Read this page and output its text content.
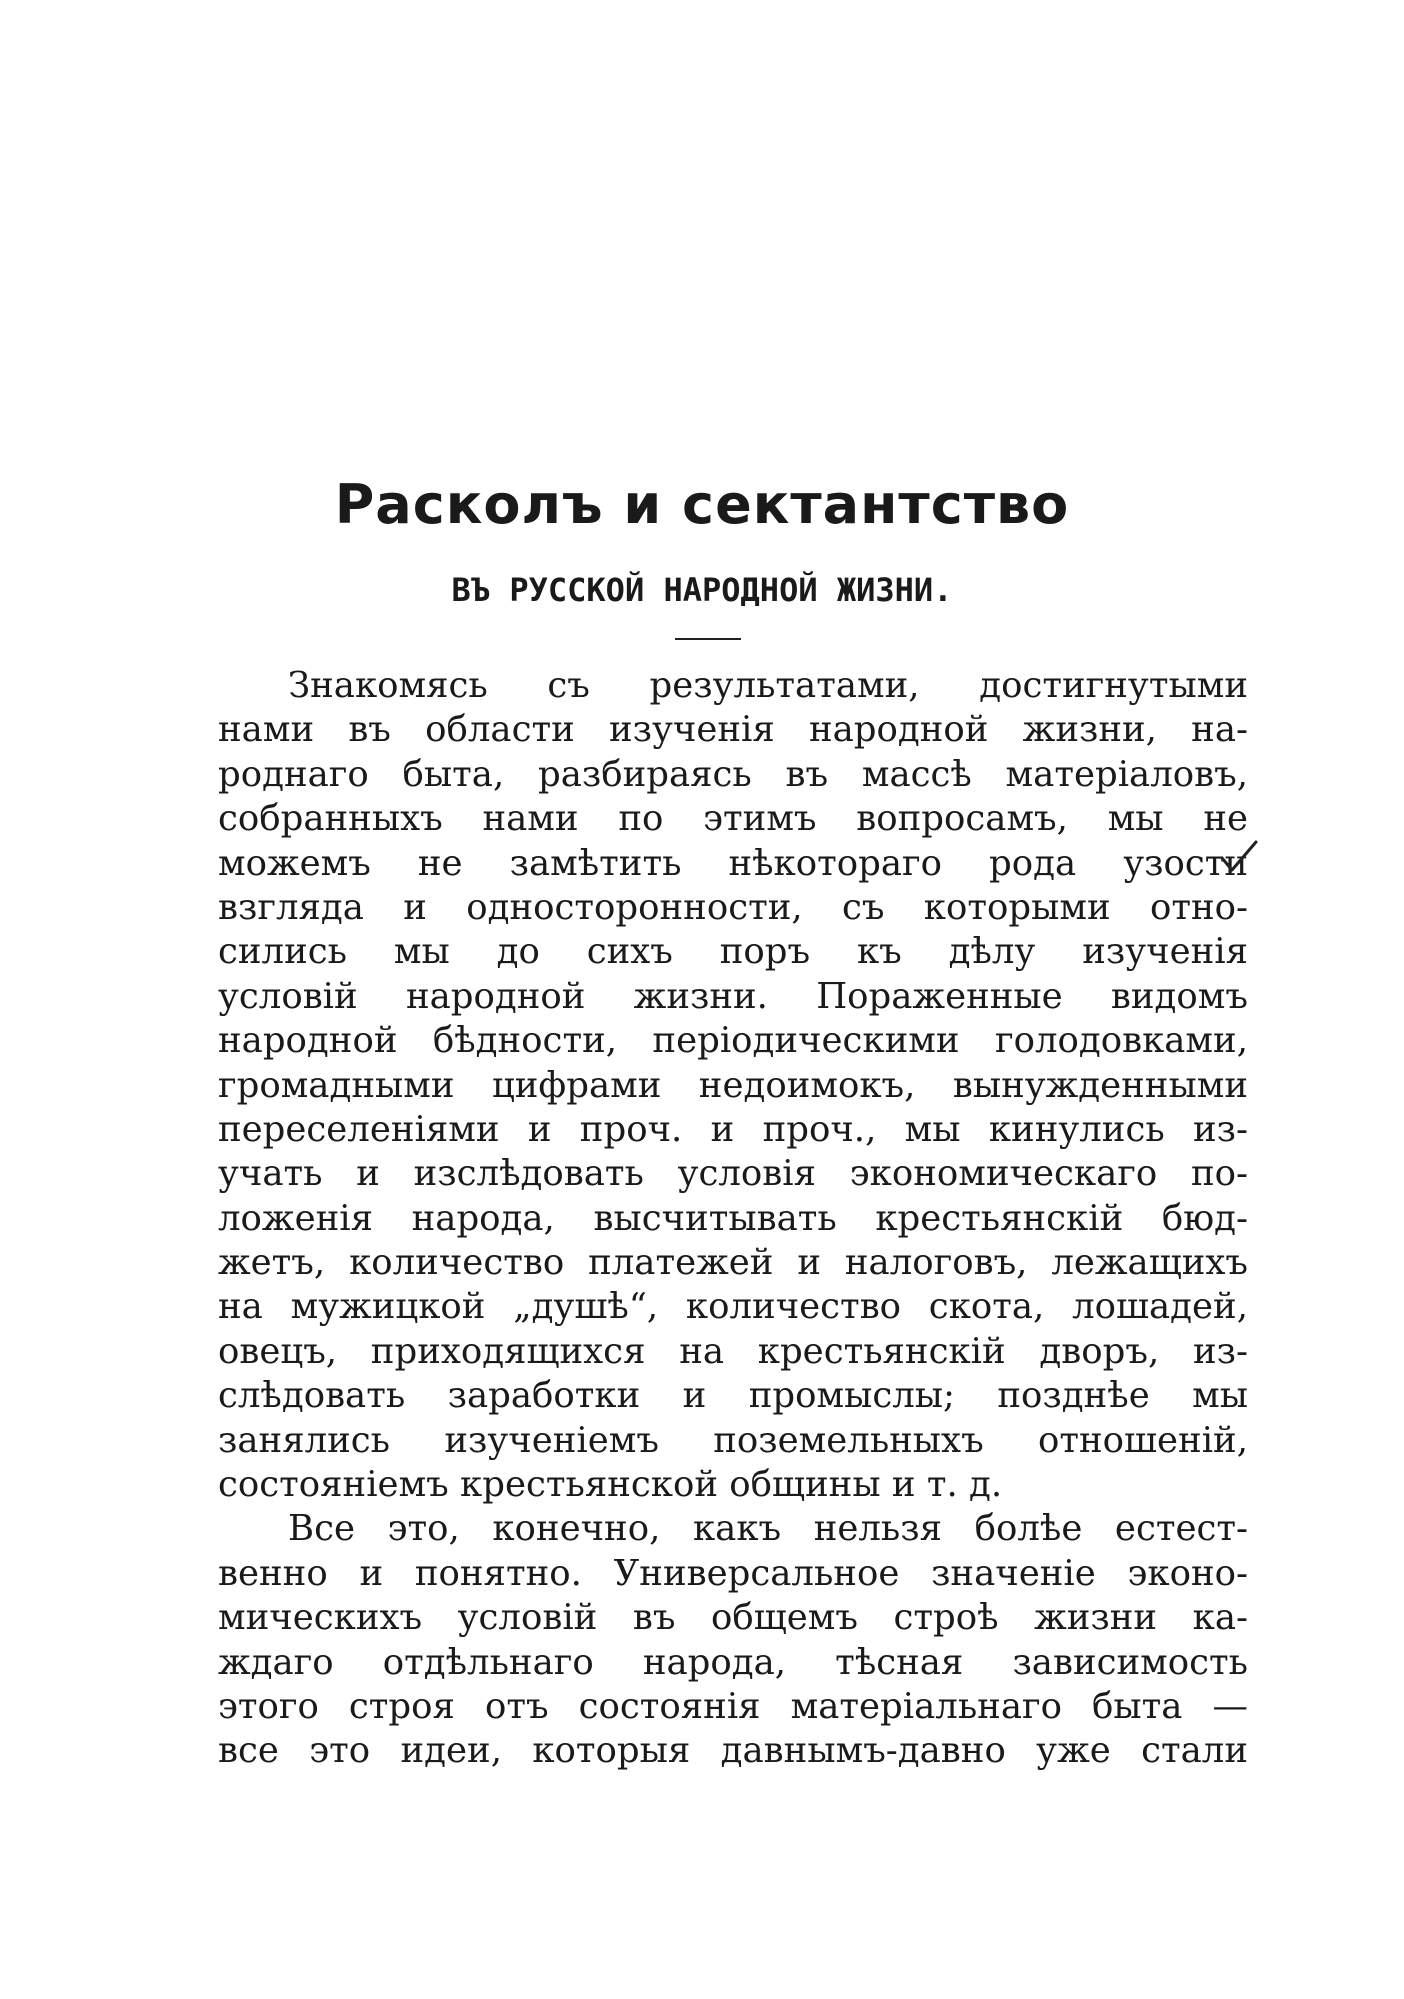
Расколъ и сектантство
ВЪ РУССКОЙ НАРОДНОЙ ЖИЗНИ.
Знакомясь съ результатами, достигнутыми
нами въ области изученія народной жизни, на-
роднаго быта, разбираясь въ массѣ матеріаловъ,
собранныхъ нами по этимъ вопросамъ, мы не
можемъ не замѣтить нѣкотораго рода узости
взгляда и односторонности, съ которыми отно-
сились мы до сихъ поръ къ дѣлу изученія
условій народной жизни. Пораженные видомъ
народной бѣдности, періодическими голодовками,
громадными цифрами недоимокъ, вынужденными
переселеніями и проч. и проч., мы кинулись из-
учать и изслѣдовать условія экономическаго по-
ложенія народа, высчитывать крестьянскій бюд-
жетъ, количество платежей и налоговъ, лежащихъ
на мужицкой „душѣ“, количество скота, лошадей,
овецъ, приходящихся на крестьянскій дворъ, из-
слѣдовать заработки и промыслы; позднѣе мы
занялись изученіемъ поземельныхъ отношеній,
состояніемъ крестьянской общины и т. д.
Все это, конечно, какъ нельзя болѣе естест-
венно и понятно. Универсальное значеніе эконо-
мическихъ условій въ общемъ строѣ жизни ка-
ждаго отдѣльнаго народа, тѣсная зависимость
этого строя отъ состоянія матеріальнаго быта —
все это идеи, которыя давнымъ-давно уже стали
